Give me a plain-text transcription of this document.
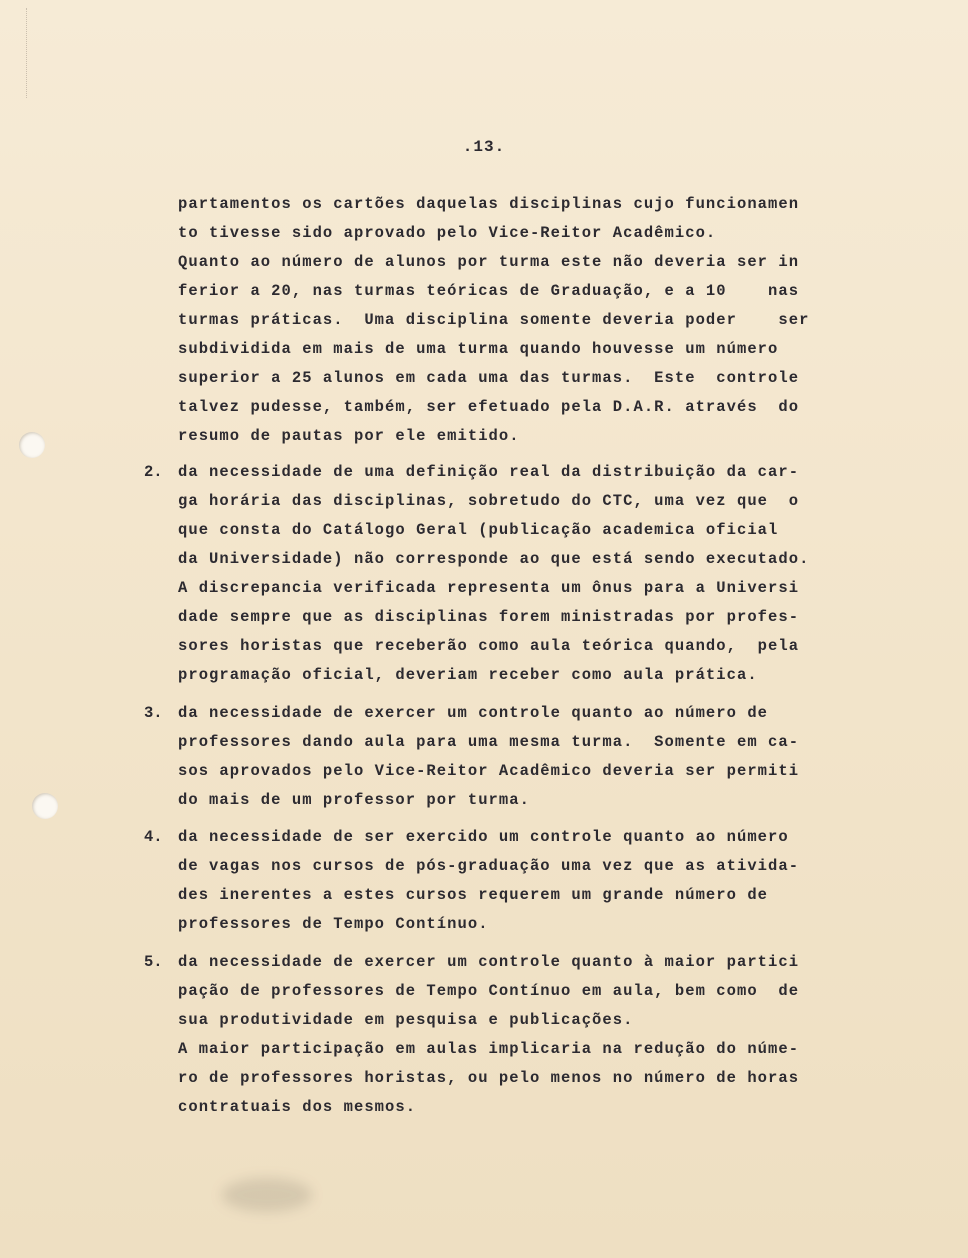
.13.

partamentos os cartões daquelas disciplinas cujo funcionamen

to tivesse sido aprovado pelo Vice-Reitor Acadêmico.

Quanto ao número de alunos por turma este não deveria ser in

ferior a 20, nas turmas teóricas de Graduação, e a 10    nas

turmas práticas.  Uma disciplina somente deveria poder    ser

subdividida em mais de uma turma quando houvesse um número

superior a 25 alunos em cada uma das turmas.  Este  controle

talvez pudesse, também, ser efetuado pela D.A.R. através  do

resumo de pautas por ele emitido.

2. da necessidade de uma definição real da distribuição da car-

ga horária das disciplinas, sobretudo do CTC, uma vez que  o

que consta do Catálogo Geral (publicação academica oficial

da Universidade) não corresponde ao que está sendo executado.

A discrepancia verificada representa um ônus para a Universi

dade sempre que as disciplinas forem ministradas por profes-

sores horistas que receberão como aula teórica quando,  pela

programação oficial, deveriam receber como aula prática.

3. da necessidade de exercer um controle quanto ao número de

professores dando aula para uma mesma turma.  Somente em ca-

sos aprovados pelo Vice-Reitor Acadêmico deveria ser permiti

do mais de um professor por turma.

4. da necessidade de ser exercido um controle quanto ao número

de vagas nos cursos de pós-graduação uma vez que as ativida-

des inerentes a estes cursos requerem um grande número de

professores de Tempo Contínuo.

5. da necessidade de exercer um controle quanto à maior partici

pação de professores de Tempo Contínuo em aula, bem como  de

sua produtividade em pesquisa e publicações.

A maior participação em aulas implicaria na redução do núme-

ro de professores horistas, ou pelo menos no número de horas

contratuais dos mesmos.
